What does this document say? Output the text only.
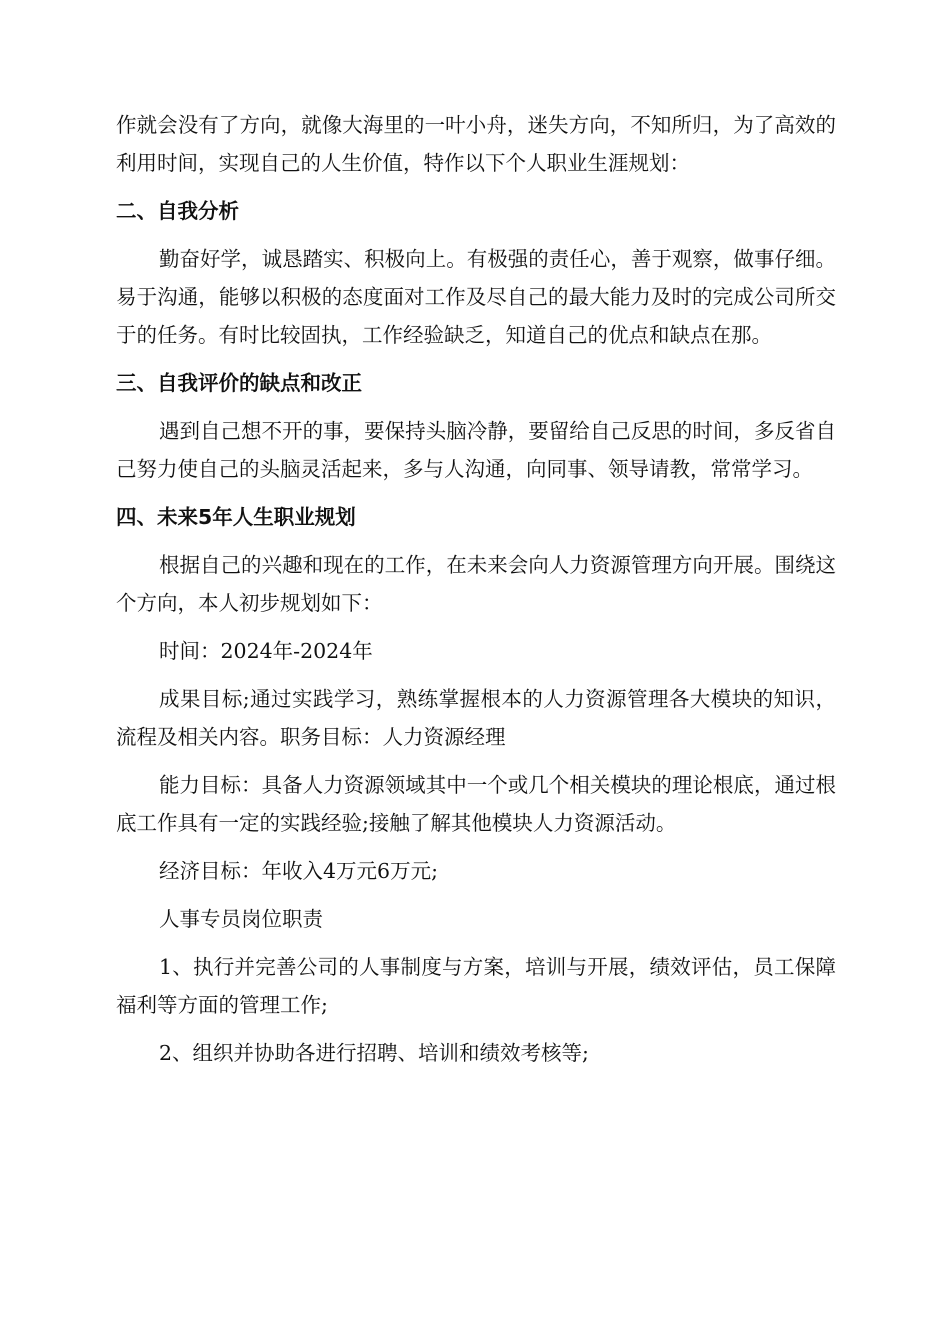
作就会没有了方向，就像大海里的一叶小舟，迷失方向，不知所归，为了高效的利用时间，实现自己的人生价值，特作以下个人职业生涯规划：

二、自我分析

勤奋好学，诚恳踏实、积极向上。有极强的责任心，善于观察，做事仔细。易于沟通，能够以积极的态度面对工作及尽自己的最大能力及时的完成公司所交于的任务。有时比较固执，工作经验缺乏，知道自己的优点和缺点在那。

三、自我评价的缺点和改正

遇到自己想不开的事，要保持头脑冷静，要留给自己反思的时间，多反省自己努力使自己的头脑灵活起来，多与人沟通，向同事、领导请教，常常学习。

四、未来5年人生职业规划

根据自己的兴趣和现在的工作，在未来会向人力资源管理方向开展。围绕这个方向，本人初步规划如下：

时间：2024年-2024年

成果目标;通过实践学习，熟练掌握根本的人力资源管理各大模块的知识，流程及相关内容。职务目标：人力资源经理

能力目标：具备人力资源领域其中一个或几个相关模块的理论根底，通过根底工作具有一定的实践经验;接触了解其他模块人力资源活动。

经济目标：年收入4万元6万元;

人事专员岗位职责

1、执行并完善公司的人事制度与方案，培训与开展，绩效评估，员工保障福利等方面的管理工作;

2、组织并协助各进行招聘、培训和绩效考核等;
